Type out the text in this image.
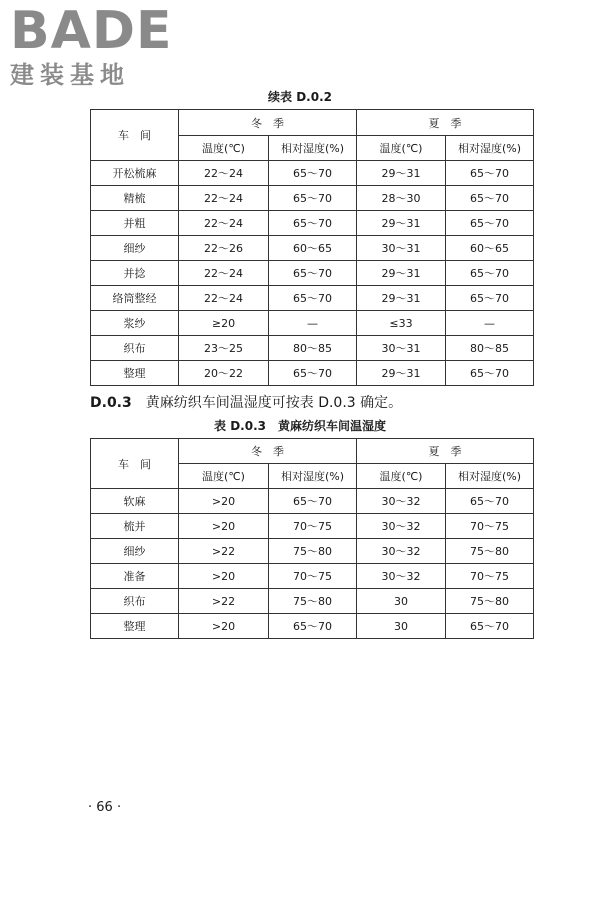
BADE
建装基地
续表 D.0.2
车　间	冬　季		夏　季	
	温度(℃)	相对湿度(%)	温度(℃)	相对湿度(%)
开松梳麻	22～24	65～70	29～31	65～70
精梳	22～24	65～70	28～30	65～70
并粗	22～24	65～70	29～31	65～70
细纱	22～26	60～65	30～31	60～65
并捻	22～24	65～70	29～31	65～70
络筒整经	22～24	65～70	29～31	65～70
浆纱	≥20	—	≤33	—
织布	23～25	80～85	30～31	80～85
整理	20～22	65～70	29～31	65～70
D.0.3 黄麻纺织车间温湿度可按表 D.0.3 确定。
表 D.0.3　黄麻纺织车间温湿度
车　间	冬　季		夏　季	
	温度(℃)	相对湿度(%)	温度(℃)	相对湿度(%)
软麻	>20	65～70	30～32	65～70
梳并	>20	70～75	30～32	70～75
细纱	>22	75～80	30～32	75～80
准备	>20	70～75	30～32	70～75
织布	>22	75～80	30	75～80
整理	>20	65～70	30	65～70
· 66 ·
